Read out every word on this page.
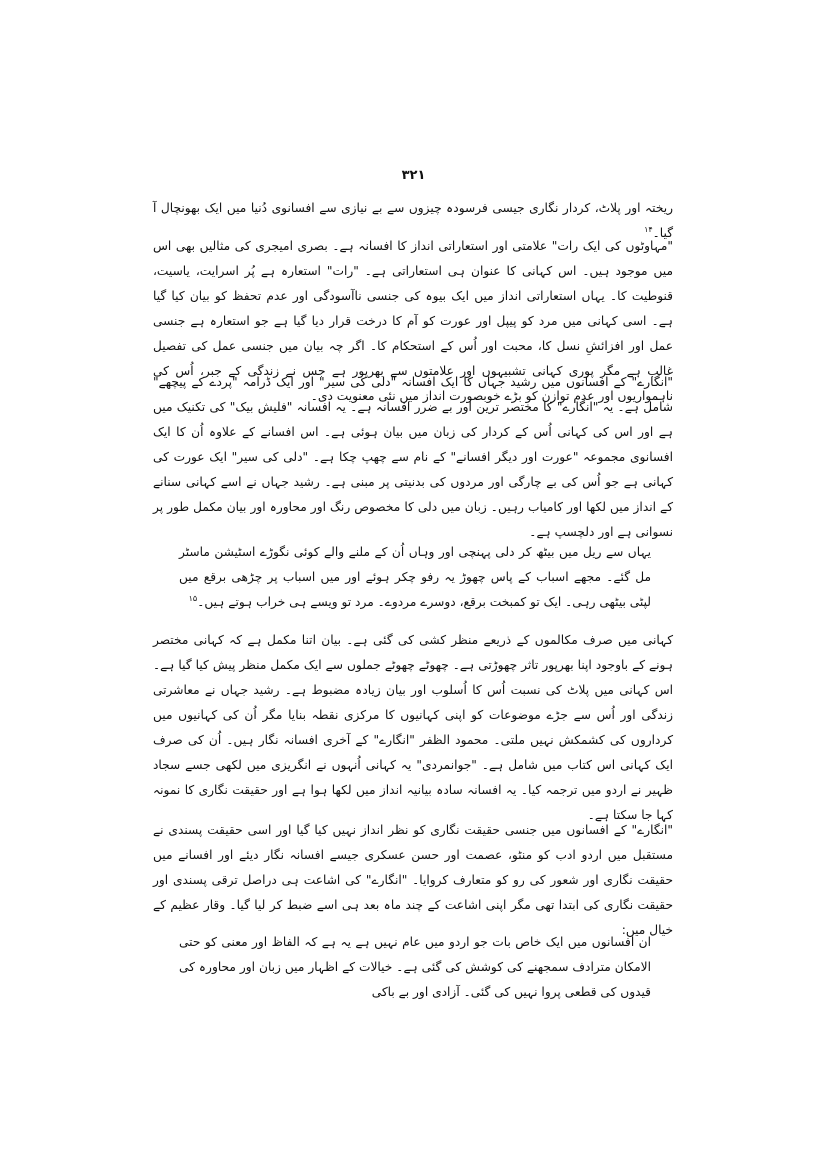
۳۲۱

ریختہ اور پلاٹ، کردار نگاری جیسی فرسودہ چیزوں سے بے نیازی سے افسانوی دُنیا میں ایک بھونچال آ گیا۔$^{۱۴}$

"مہاوٹوں کی ایک رات" علامتی اور استعاراتی انداز کا افسانہ ہے۔ بصری امیجری کی مثالیں بھی اس میں موجود ہیں۔ اس کہانی کا عنوان ہی استعاراتی ہے۔ "رات" استعارہ ہے پُر اسرایت، یاسیت، قنوطیت کا۔ یہاں استعاراتی انداز میں ایک بیوہ کی جنسی ناآسودگی اور عدم تحفظ کو بیان کیا گیا ہے۔ اسی کہانی میں مرد کو پیپل اور عورت کو آم کا درخت قرار دیا گیا ہے جو استعارہ ہے جنسی عمل اور افزائشِ نسل کا، محبت اور اُس کے استحکام کا۔ اگر چہ بیان میں جنسی عمل کی تفصیل غالب ہے مگر پوری کہانی تشبیہوں اور علامتوں سے بھرپور ہے جس نے زندگی کے جبر، اُس کی ناہمواریوں اور عدم توازن کو بڑے خوبصورت انداز میں نئی معنویت دی۔

"انگارے" کے افسانوں میں رشید جہاں کا ایک افسانہ "دلی کی سیر" اور ایک ڈرامہ "پردے کے پیچھے" شامل ہے۔ یہ "انگارے" کا مختصر ترین اور بے ضرر افسانہ ہے۔ یہ افسانہ "فلیش بیک" کی تکنیک میں ہے اور اس کی کہانی اُس کے کردار کی زبان میں بیان ہوئی ہے۔ اس افسانے کے علاوہ اُن کا ایک افسانوی مجموعہ "عورت اور دیگر افسانے" کے نام سے چھپ چکا ہے۔ "دلی کی سیر" ایک عورت کی کہانی ہے جو اُس کی بے چارگی اور مردوں کی بدنیتی پر مبنی ہے۔ رشید جہاں نے اسے کہانی سنانے کے انداز میں لکھا اور کامیاب رہیں۔ زبان میں دلی کا مخصوص رنگ اور محاورہ اور بیان مکمل طور پر نسوانی ہے اور دلچسپ ہے۔

یہاں سے ریل میں بیٹھ کر دلی پہنچی اور وہاں اُن کے ملنے والے کوئی نگوڑے اسٹیشن ماسٹر مل گئے۔ مجھے اسباب کے پاس چھوڑ یہ رفو چکر ہوئے اور میں اسباب پر چڑھی برقع میں لپٹی بیٹھی رہی۔ ایک تو کمبخت برقع، دوسرے مردوے۔ مرد تو ویسے ہی خراب ہوتے ہیں۔$^{۱۵}$

کہانی میں صرف مکالموں کے ذریعے منظر کشی کی گئی ہے۔ بیان اتنا مکمل ہے کہ کہانی مختصر ہونے کے باوجود اپنا بھرپور تاثر چھوڑتی ہے۔ چھوٹے چھوٹے جملوں سے ایک مکمل منظر پیش کیا گیا ہے۔ اس کہانی میں پلاٹ کی نسبت اُس کا اُسلوب اور بیان زیادہ مضبوط ہے۔ رشید جہاں نے معاشرتی زندگی اور اُس سے جڑے موضوعات کو اپنی کہانیوں کا مرکزی نقطہ بنایا مگر اُن کی کہانیوں میں کرداروں کی کشمکش نہیں ملتی۔ محمود الظفر "انگارے" کے آخری افسانہ نگار ہیں۔ اُن کی صرف ایک کہانی اس کتاب میں شامل ہے۔ "جوانمردی" یہ کہانی اُنہوں نے انگریزی میں لکھی جسے سجاد ظہیر نے اردو میں ترجمہ کیا۔ یہ افسانہ سادہ بیانیہ انداز میں لکھا ہوا ہے اور حقیقت نگاری کا نمونہ کہا جا سکتا ہے۔

"انگارے" کے افسانوں میں جنسی حقیقت نگاری کو نظر انداز نہیں کیا گیا اور اسی حقیقت پسندی نے مستقبل میں اردو ادب کو منٹو، عصمت اور حسن عسکری جیسے افسانہ نگار دیئے اور افسانے میں حقیقت نگاری اور شعور کی رو کو متعارف کروایا۔ "انگارے" کی اشاعت ہی دراصل ترقی پسندی اور حقیقت نگاری کی ابتدا تھی مگر اپنی اشاعت کے چند ماہ بعد ہی اسے ضبط کر لیا گیا۔ وقار عظیم کے خیال میں:

ان افسانوں میں ایک خاص بات جو اردو میں عام نہیں ہے یہ ہے کہ الفاظ اور معنی کو حتی الامکان مترادف سمجھنے کی کوشش کی گئی ہے۔ خیالات کے اظہار میں زبان اور محاورہ کی قیدوں کی قطعی پروا نہیں کی گئی۔ آزادی اور بے باکی
